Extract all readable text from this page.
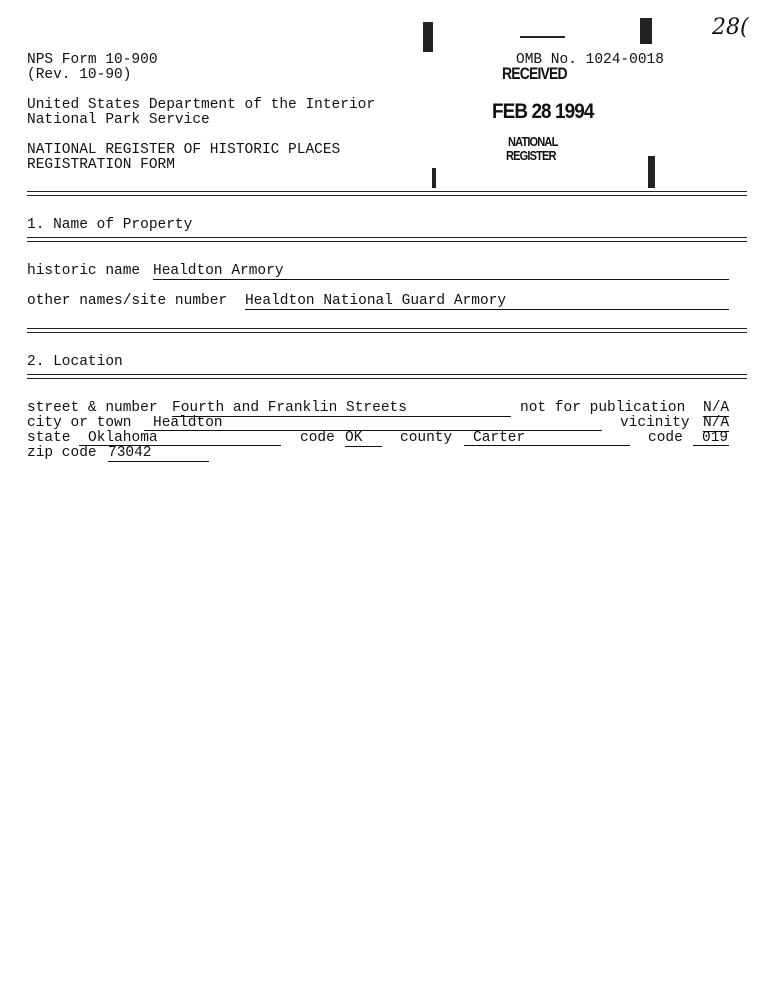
NPS Form 10-900
(Rev. 10-90)
OMB No. 1024-0018
United States Department of the Interior
National Park Service
NATIONAL REGISTER OF HISTORIC PLACES
REGISTRATION FORM
28(
RECEIVED
FEB 28 1994
NATIONAL
REGISTER
1. Name of Property
historic name Healdton Armory
other names/site number Healdton National Guard Armory
2. Location
street & number Fourth and Franklin Streets	not for publication N/A
city or town	Healdton	vicinity N/A
state	Oklahoma	code OK	county	Carter	code	019
zip code 73042
